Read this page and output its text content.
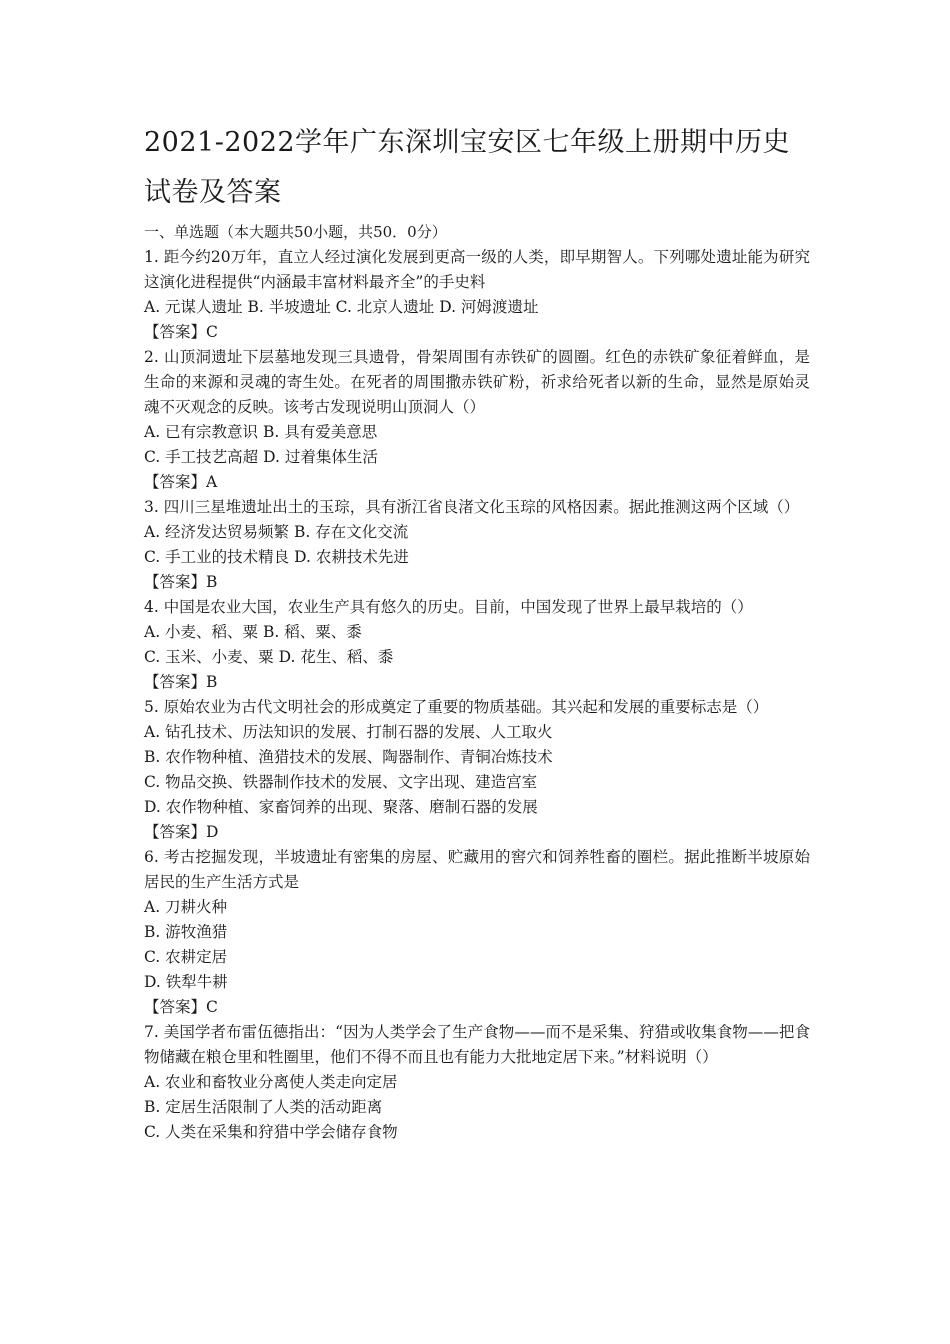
2021-2022学年广东深圳宝安区七年级上册期中历史试卷及答案
一、单选题（本大题共50小题，共50．0分）
1. 距今约20万年，直立人经过演化发展到更高一级的人类，即早期智人。下列哪处遗址能为研究这演化进程提供“内涵最丰富材料最齐全”的手史料
A. 元谋人遗址 B. 半坡遗址 C. 北京人遗址 D. 河姆渡遗址
【答案】C
2. 山顶洞遗址下层墓地发现三具遗骨，骨架周围有赤铁矿的圆圈。红色的赤铁矿象征着鲜血，是生命的来源和灵魂的寄生处。在死者的周围撒赤铁矿粉，祈求给死者以新的生命，显然是原始灵魂不灭观念的反映。该考古发现说明山顶洞人（）
A. 已有宗教意识 B. 具有爱美意思
C. 手工技艺高超 D. 过着集体生活
【答案】A
3. 四川三星堆遗址出土的玉琮，具有浙江省良渚文化玉琮的风格因素。据此推测这两个区域（）
A. 经济发达贸易频繁 B. 存在文化交流
C. 手工业的技术精良 D. 农耕技术先进
【答案】B
4. 中国是农业大国，农业生产具有悠久的历史。目前，中国发现了世界上最早栽培的（）
A. 小麦、稻、粟 B. 稻、粟、黍
C. 玉米、小麦、粟 D. 花生、稻、黍
【答案】B
5. 原始农业为古代文明社会的形成奠定了重要的物质基础。其兴起和发展的重要标志是（）
A. 钻孔技术、历法知识的发展、打制石器的发展、人工取火
B. 农作物种植、渔猎技术的发展、陶器制作、青铜冶炼技术
C. 物品交换、铁器制作技术的发展、文字出现、建造宫室
D. 农作物种植、家畜饲养的出现、聚落、磨制石器的发展
【答案】D
6. 考古挖掘发现，半坡遗址有密集的房屋、贮藏用的窖穴和饲养牲畜的圈栏。据此推断半坡原始居民的生产生活方式是
A. 刀耕火种
B. 游牧渔猎
C. 农耕定居
D. 铁犁牛耕
【答案】C
7. 美国学者布雷伍德指出：“因为人类学会了生产食物——而不是采集、狩猎或收集食物——把食物储藏在粮仓里和牲圈里，他们不得不而且也有能力大批地定居下来。”材料说明（）
A. 农业和畜牧业分离使人类走向定居
B. 定居生活限制了人类的活动距离
C. 人类在采集和狩猎中学会储存食物
